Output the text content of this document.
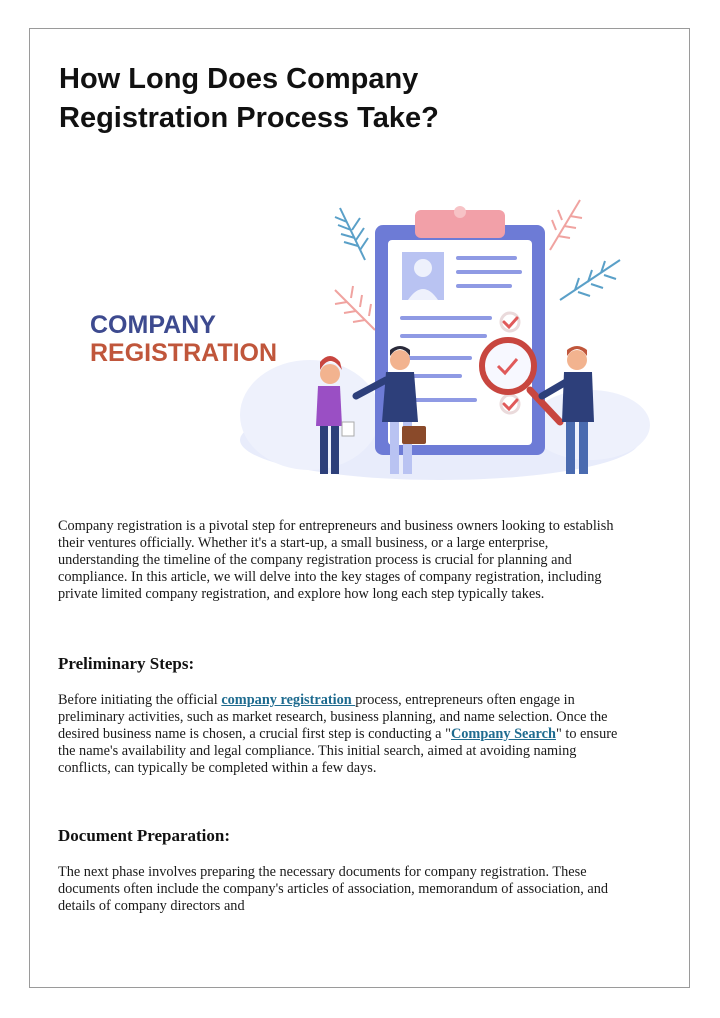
How Long Does Company Registration Process Take?
COMPANY
REGISTRATION

Company registration is a pivotal step for entrepreneurs and business owners looking to establish their ventures officially. Whether it's a start-up, a small business, or a large enterprise, understanding the timeline of the company registration process is crucial for planning and compliance. In this article, we will delve into the key stages of company registration, including private limited company registration, and explore how long each step typically takes.

Preliminary Steps:

Before initiating the official company registration process, entrepreneurs often engage in preliminary activities, such as market research, business planning, and name selection. Once the desired business name is chosen, a crucial first step is conducting a "Company Search" to ensure the name's availability and legal compliance. This initial search, aimed at avoiding naming conflicts, can typically be completed within a few days.

Document Preparation:

The next phase involves preparing the necessary documents for company registration. These documents often include the company's articles of association, memorandum of association, and details of company directors and
